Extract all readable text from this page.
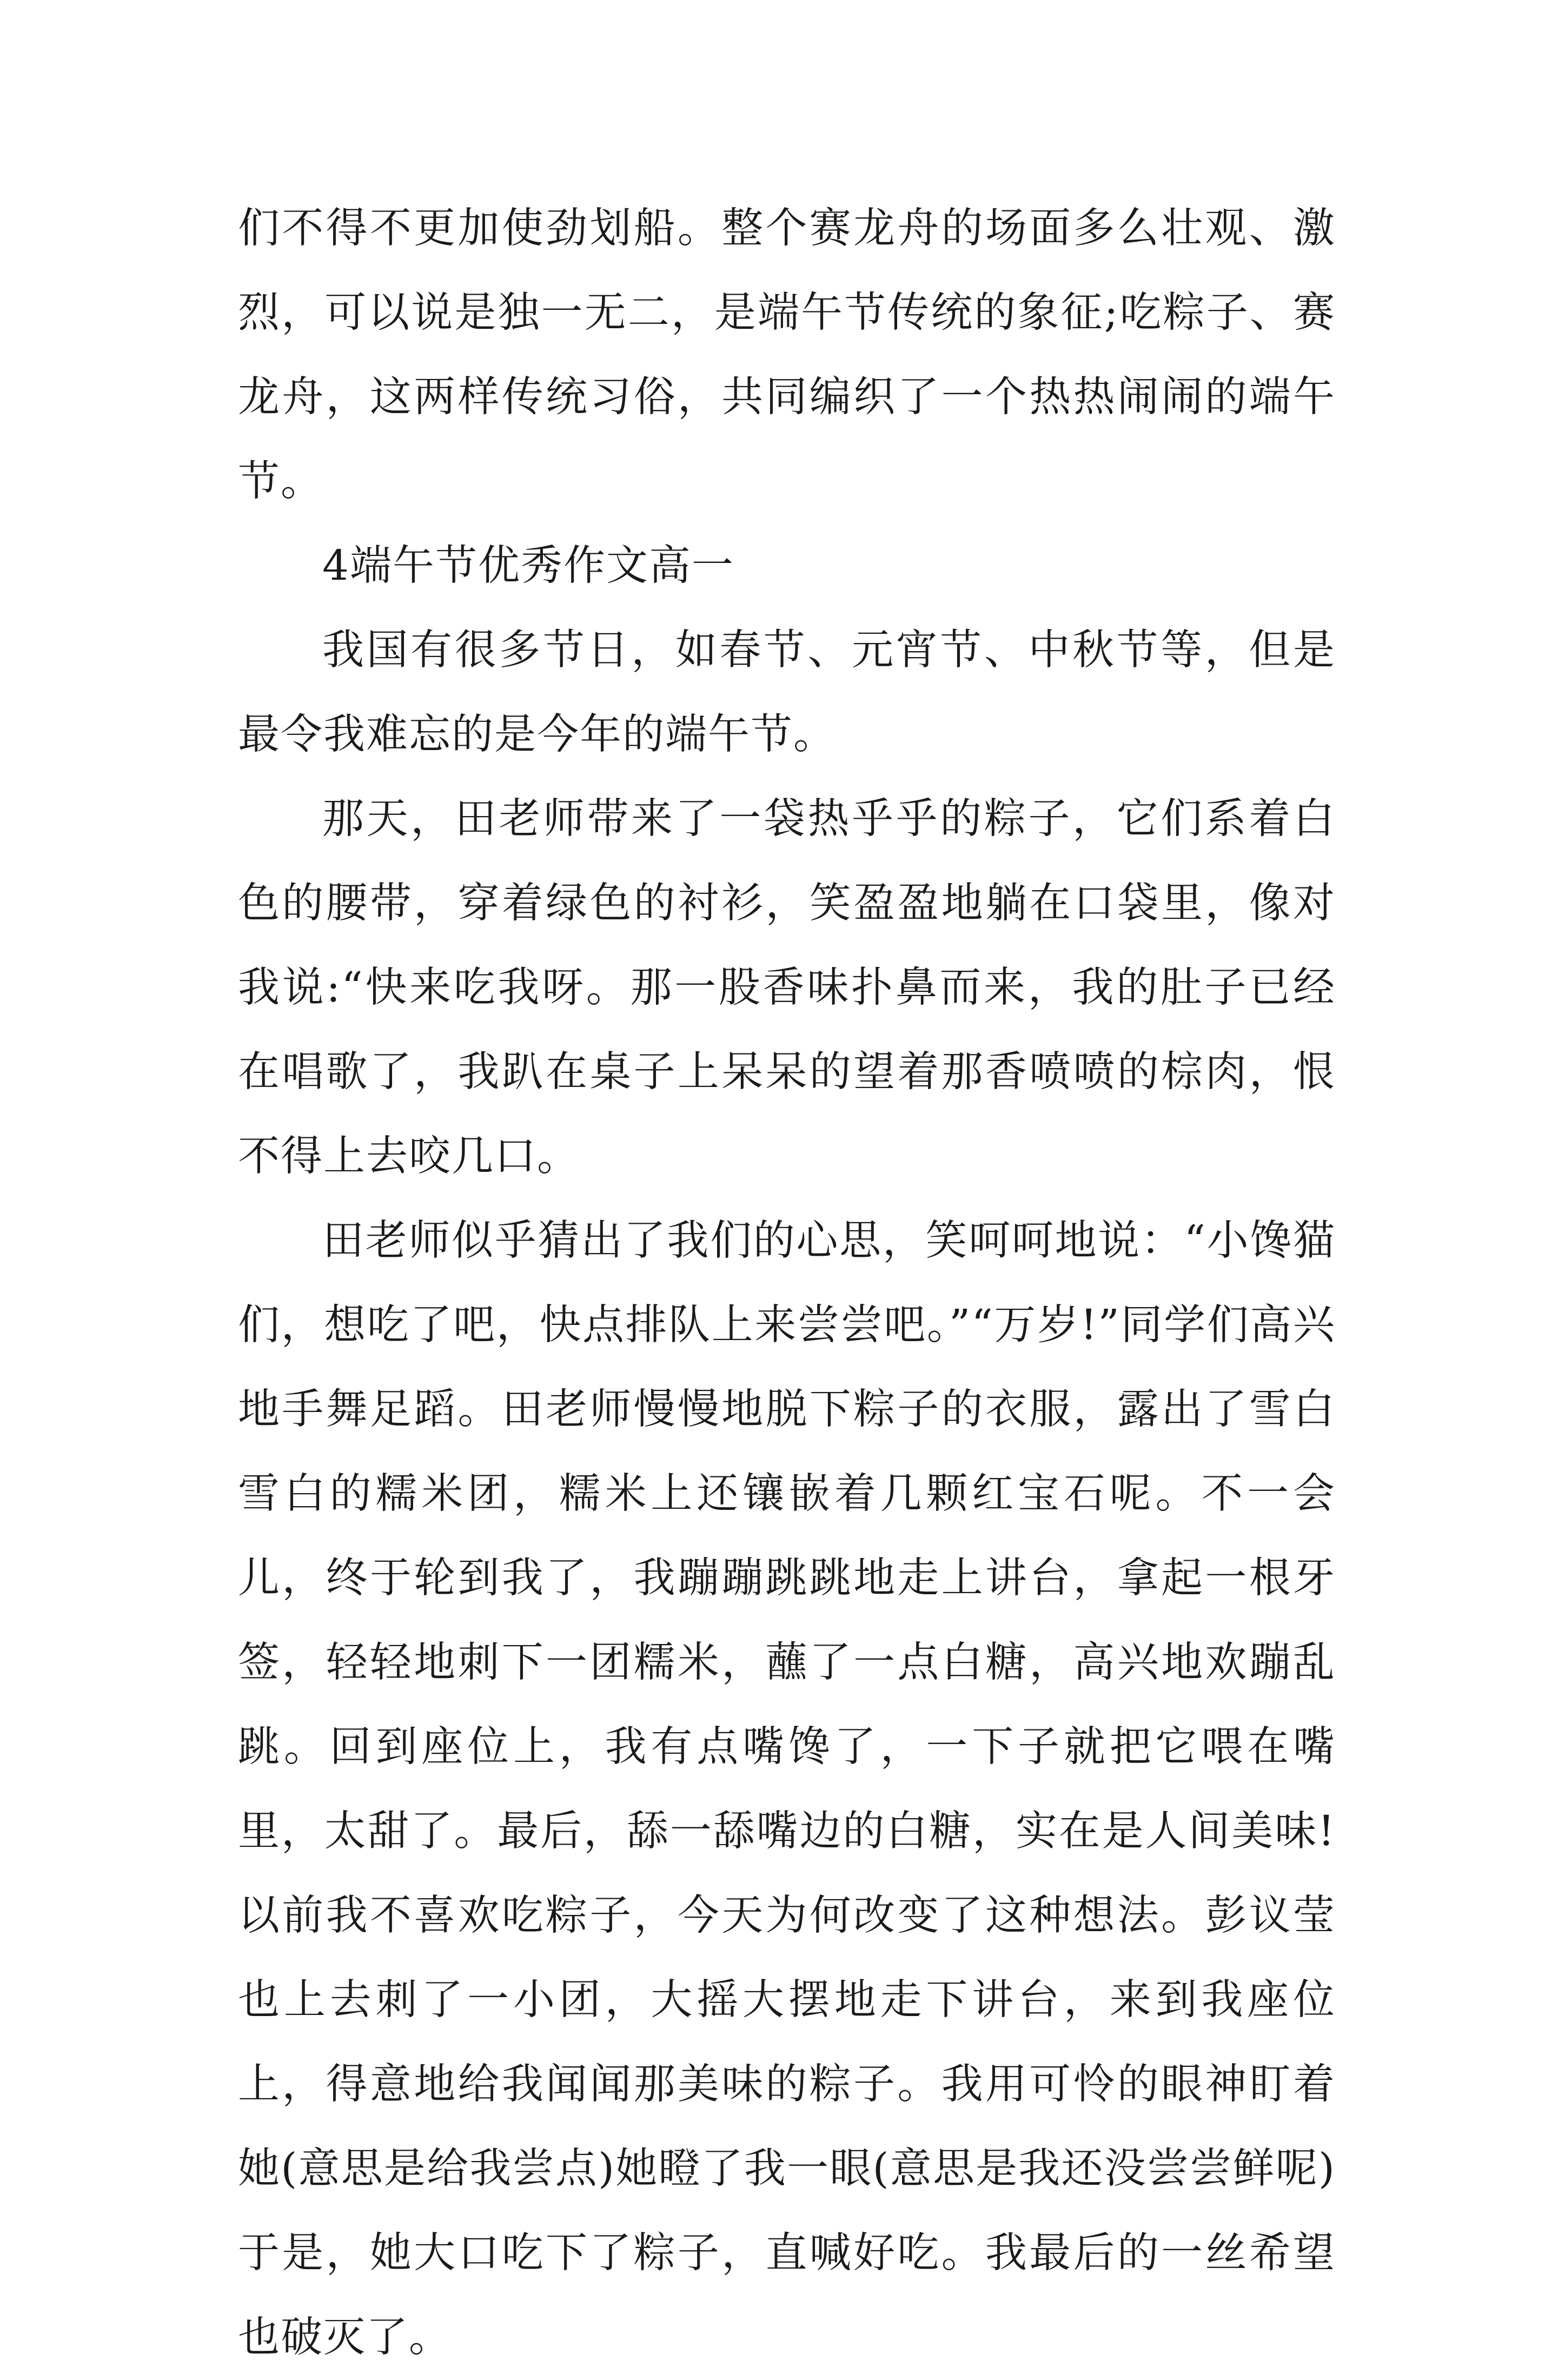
们不得不更加使劲划船。整个赛龙舟的场面多么壮观、激烈，可以说是独一无二，是端午节传统的象征;吃粽子、赛龙舟，这两样传统习俗，共同编织了一个热热闹闹的端午节。

4端午节优秀作文高一

我国有很多节日，如春节、元宵节、中秋节等，但是最令我难忘的是今年的端午节。

那天，田老师带来了一袋热乎乎的粽子，它们系着白色的腰带，穿着绿色的衬衫，笑盈盈地躺在口袋里，像对我说:“快来吃我呀。那一股香味扑鼻而来，我的肚子已经在唱歌了，我趴在桌子上呆呆的望着那香喷喷的棕肉，恨不得上去咬几口。

田老师似乎猜出了我们的心思，笑呵呵地说：“小馋猫们，想吃了吧，快点排队上来尝尝吧。”“万岁!”同学们高兴地手舞足蹈。田老师慢慢地脱下粽子的衣服，露出了雪白雪白的糯米团，糯米上还镶嵌着几颗红宝石呢。不一会儿，终于轮到我了，我蹦蹦跳跳地走上讲台，拿起一根牙签，轻轻地刺下一团糯米，蘸了一点白糖，高兴地欢蹦乱跳。回到座位上，我有点嘴馋了，一下子就把它喂在嘴里，太甜了。最后，舔一舔嘴边的白糖，实在是人间美味!以前我不喜欢吃粽子，今天为何改变了这种想法。彭议莹也上去刺了一小团，大摇大摆地走下讲台，来到我座位上，得意地给我闻闻那美味的粽子。我用可怜的眼神盯着她(意思是给我尝点)她瞪了我一眼(意思是我还没尝尝鲜呢)于是，她大口吃下了粽子，直喊好吃。我最后的一丝希望也破灭了。
